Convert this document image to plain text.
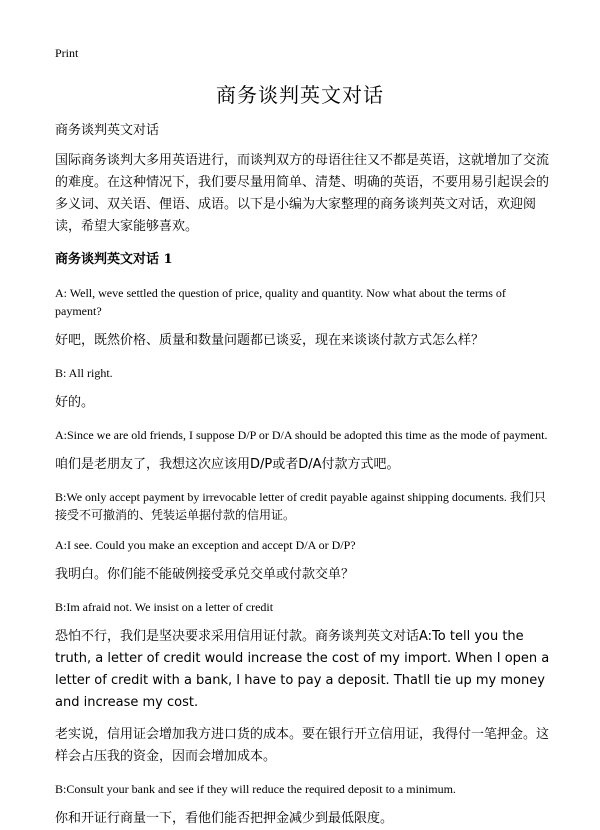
Print
商务谈判英文对话

商务谈判英文对话

国际商务谈判大多用英语进行，而谈判双方的母语往往又不都是英语，这就增加了交流的难度。在这种情况下，我们要尽量用简单、清楚、明确的英语，不要用易引起误会的多义词、双关语、俚语、成语。以下是小编为大家整理的商务谈判英文对话，欢迎阅读，希望大家能够喜欢。

商务谈判英文对话 1

A: Well, weve settled the question of price, quality and quantity. Now what about the terms of payment?

好吧，既然价格、质量和数量问题都已谈妥，现在来谈谈付款方式怎么样？

B: All right.

好的。

A:Since we are old friends, I suppose D/P or D/A should be adopted this time as the mode of payment.

咱们是老朋友了，我想这次应该用D/P或者D/A付款方式吧。

B:We only accept payment by irrevocable letter of credit payable against shipping documents. 我们只接受不可撤消的、凭装运单据付款的信用证。

A:I see. Could you make an exception and accept D/A or D/P?

我明白。你们能不能破例接受承兑交单或付款交单？

B:Im afraid not. We insist on a letter of credit

恐怕不行，我们是坚决要求采用信用证付款。商务谈判英文对话A:To tell you the truth, a letter of credit would increase the cost of my import. When I open a letter of credit with a bank, I have to pay a deposit. Thatll tie up my money and increase my cost.

老实说，信用证会增加我方进口货的成本。要在银行开立信用证，我得付一笔押金。这样会占压我的资金，因而会增加成本。

B:Consult your bank and see if they will reduce the required deposit to a minimum.

你和开证行商量一下，看他们能否把押金减少到最低限度。
